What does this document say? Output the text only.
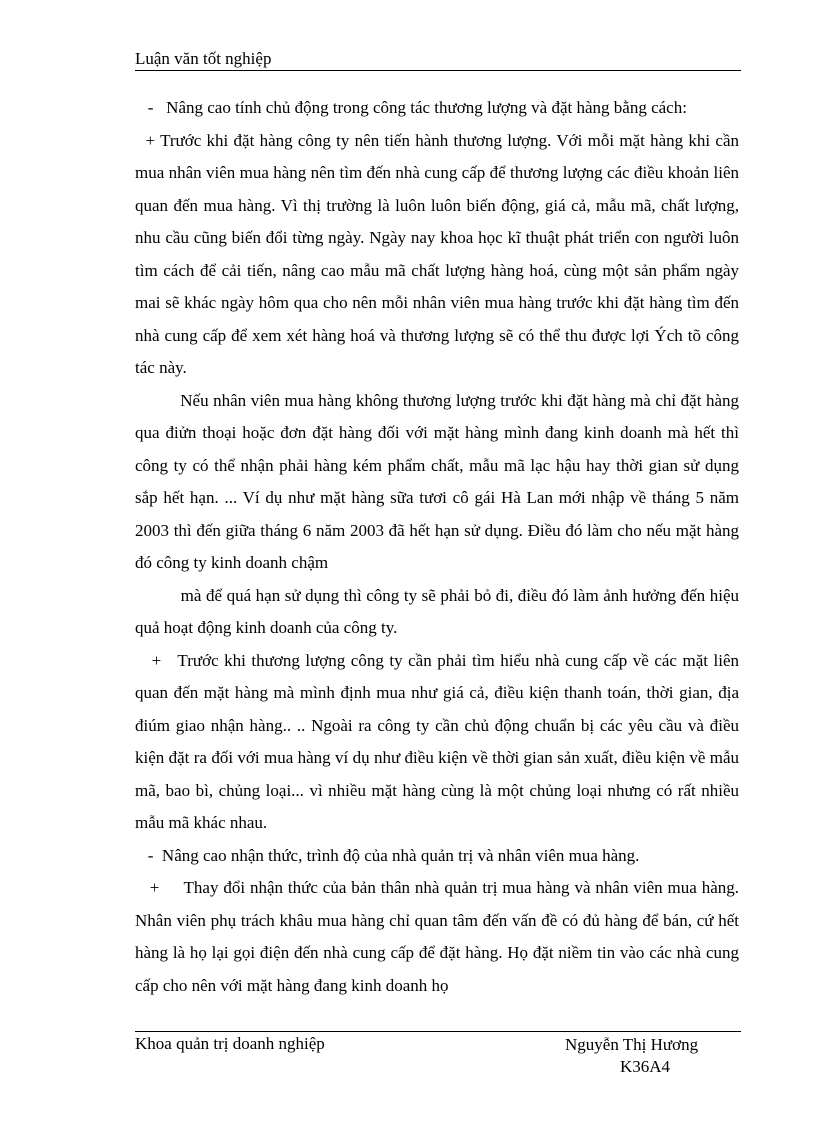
Luận văn tốt nghiệp

-   Nâng cao tính chủ động trong công tác thương lượng và đặt hàng bằng cách:

+ Trước khi đặt hàng công ty nên tiến hành thương lượng. Với mỗi mặt hàng khi cần mua nhân viên mua hàng nên tìm đến nhà cung cấp để thương lượng các điều khoản liên quan đến mua hàng. Vì thị trường là luôn luôn biến động, giá cả, mẫu mã, chất lượng, nhu cầu cũng biến đổi từng ngày. Ngày nay khoa học kĩ thuật phát triển con người luôn tìm cách để cải tiến, nâng cao mẫu mã chất lượng hàng hoá, cùng một sản phẩm ngày mai sẽ khác ngày hôm qua cho nên mỗi nhân viên mua hàng trước khi đặt hàng tìm đến nhà cung cấp để xem xét hàng hoá và thương lượng sẽ có thể thu được lợi Ých tõ công tác này.

Nếu nhân viên mua hàng không thương lượng trước khi đặt hàng mà chỉ đặt hàng qua điửn thoại hoặc đơn đặt hàng đối với mặt hàng mình đang kinh doanh mà hết thì công ty có thể nhận phải hàng kém phẩm chất, mẫu mã lạc hậu hay thời gian sử dụng sắp hết hạn. ... Ví dụ như mặt hàng sữa tươi cô gái Hà Lan mới nhập về tháng 5 năm 2003 thì đến giữa tháng 6 năm 2003 đã hết hạn sử dụng. Điều đó làm cho nếu mặt hàng đó công ty kinh doanh chậm

mà để quá hạn sử dụng thì công ty sẽ phải bỏ đi, điều đó làm ảnh hưởng đến hiệu quả hoạt động kinh doanh của công ty.

+   Trước khi thương lượng công ty cần phải tìm hiểu nhà cung cấp về các mặt liên quan đến mặt hàng mà mình định mua như giá cả, điều kiện thanh toán, thời gian, địa điúm giao nhận hàng.. .. Ngoài ra công ty cần chủ động chuẩn bị các yêu cầu và điều kiện đặt ra đối với mua hàng ví dụ như điều kiện về thời gian sản xuất, điều kiện về mẫu mã, bao bì, chủng loại... vì nhiều mặt hàng cùng là một chủng loại nhưng có rất nhiều mẫu mã khác nhau.

-  Nâng cao nhận thức, trình độ của nhà quản trị và nhân viên mua hàng.

+     Thay đổi nhận thức của bản thân nhà quản trị mua hàng và nhân viên mua hàng. Nhân viên phụ trách khâu mua hàng chỉ quan tâm đến vấn đề có đủ hàng để bán, cứ hết hàng là họ lại gọi điện đến nhà cung cấp để đặt hàng. Họ đặt niềm tin vào các nhà cung cấp cho nên với mặt hàng đang kinh doanh họ

Khoa quản trị doanh nghiệp	Nguyễn Thị Hương
K36A4
